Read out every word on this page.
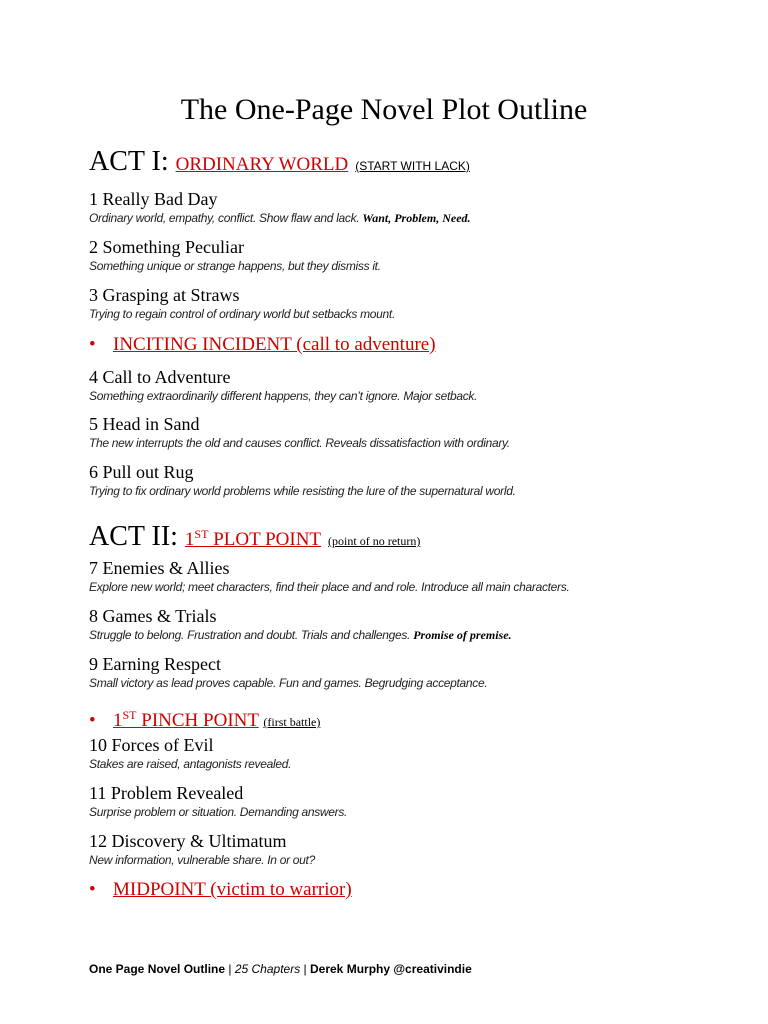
The One-Page Novel Plot Outline
ACT I: ORDINARY WORLD (START WITH LACK)
1 Really Bad Day
Ordinary world, empathy, conflict. Show flaw and lack. Want, Problem, Need.
2 Something Peculiar
Something unique or strange happens, but they dismiss it.
3 Grasping at Straws
Trying to regain control of ordinary world but setbacks mount.
• INCITING INCIDENT (call to adventure)
4 Call to Adventure
Something extraordinarily different happens, they can’t ignore. Major setback.
5 Head in Sand
The new interrupts the old and causes conflict. Reveals dissatisfaction with ordinary.
6 Pull out Rug
Trying to fix ordinary world problems while resisting the lure of the supernatural world.
ACT II: 1ST PLOT POINT (point of no return)
7 Enemies & Allies
Explore new world; meet characters, find their place and and role. Introduce all main characters.
8 Games & Trials
Struggle to belong. Frustration and doubt. Trials and challenges. Promise of premise.
9 Earning Respect
Small victory as lead proves capable. Fun and games. Begrudging acceptance.
• 1ST PINCH POINT (first battle)
10 Forces of Evil
Stakes are raised, antagonists revealed.
11 Problem Revealed
Surprise problem or situation. Demanding answers.
12 Discovery & Ultimatum
New information, vulnerable share. In or out?
• MIDPOINT (victim to warrior)
One Page Novel Outline | 25 Chapters | Derek Murphy @creativindie
